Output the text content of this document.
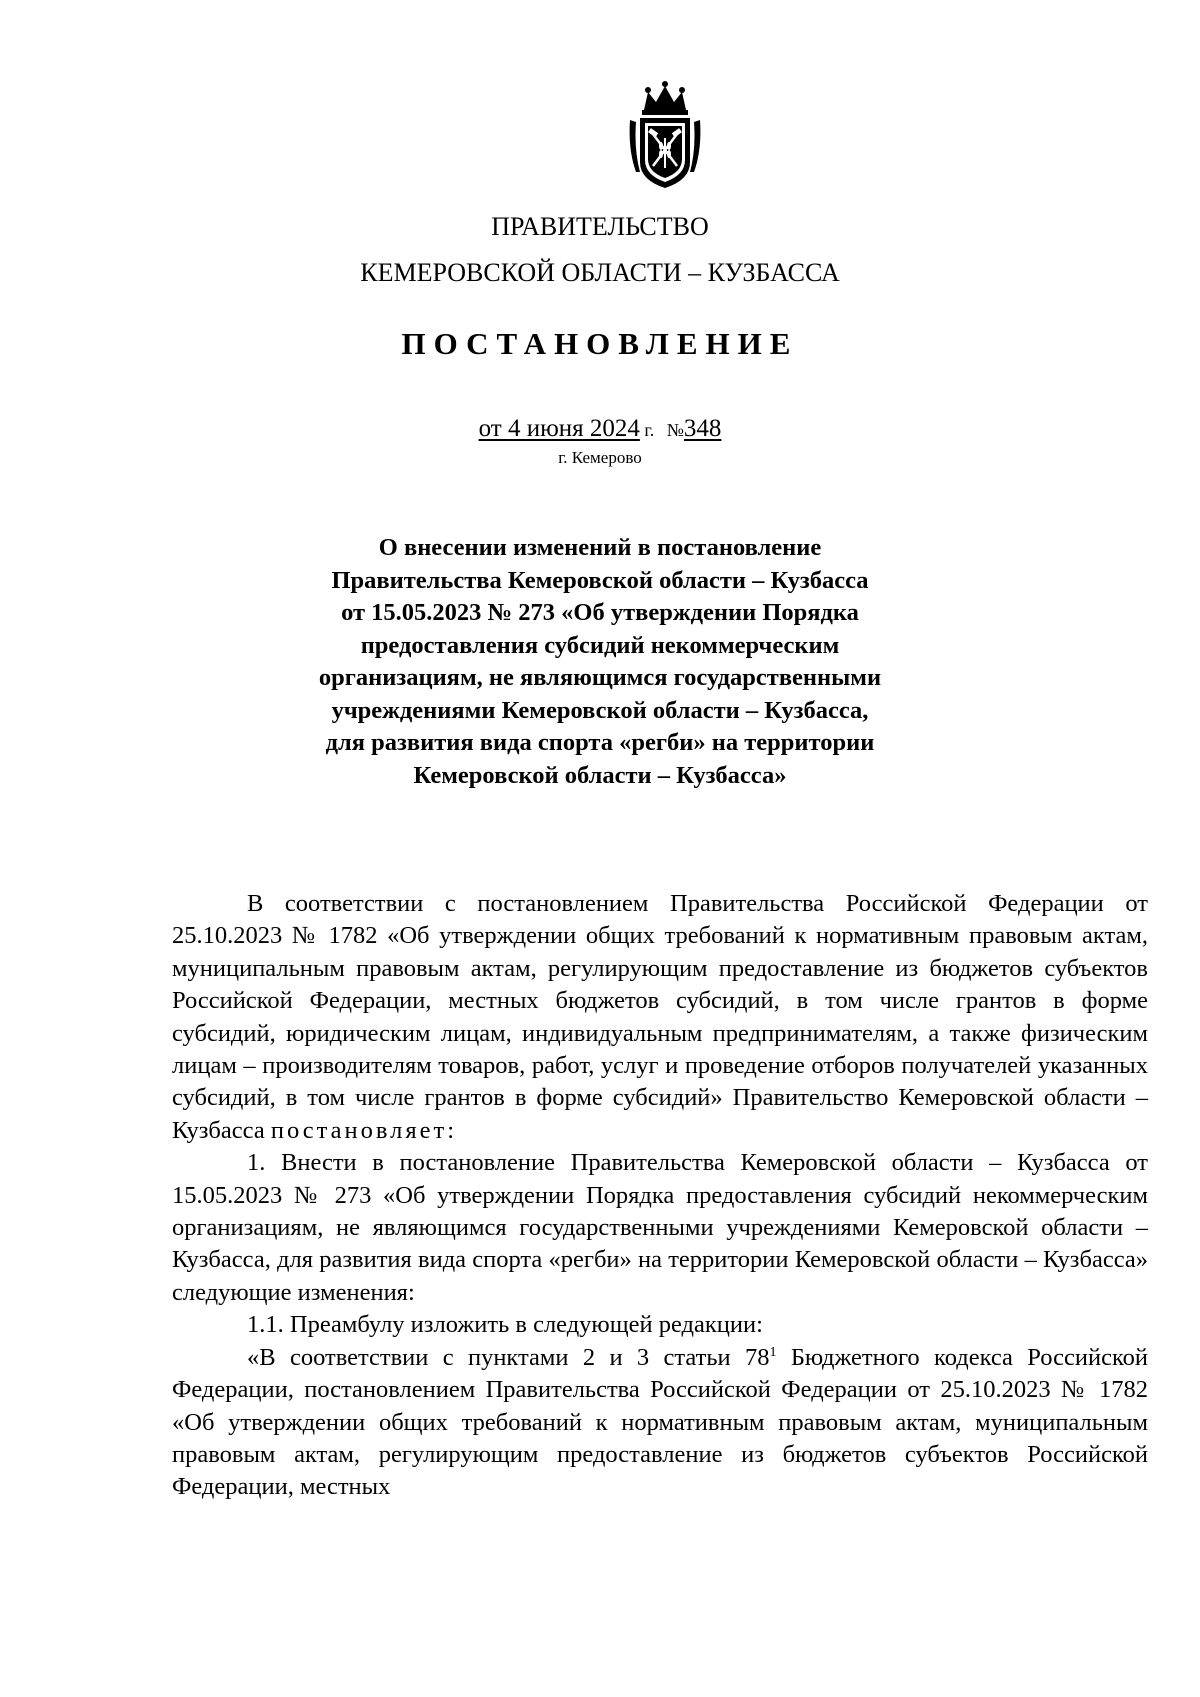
ПРАВИТЕЛЬСТВО
КЕМЕРОВСКОЙ ОБЛАСТИ – КУЗБАССА
ПОСТАНОВЛЕНИЕ
от 4 июня 2024 г. №348
г. Кемерово
О внесении изменений в постановление
Правительства Кемеровской области – Кузбасса
от 15.05.2023 № 273 «Об утверждении Порядка
предоставления субсидий некоммерческим
организациям, не являющимся государственными
учреждениями Кемеровской области – Кузбасса,
для развития вида спорта «регби» на территории
Кемеровской области – Кузбасса»

В соответствии с постановлением Правительства Российской Федерации от 25.10.2023 № 1782 «Об утверждении общих требований к нормативным правовым актам, муниципальным правовым актам, регулирующим предоставление из бюджетов субъектов Российской Федерации, местных бюджетов субсидий, в том числе грантов в форме субсидий, юридическим лицам, индивидуальным предпринимателям, а также физическим лицам – производителям товаров, работ, услуг и проведение отборов получателей указанных субсидий, в том числе грантов в форме субсидий» Правительство Кемеровской области – Кузбасса постановляет:

1. Внести в постановление Правительства Кемеровской области – Кузбасса от 15.05.2023 № 273 «Об утверждении Порядка предоставления субсидий некоммерческим организациям, не являющимся государственными учреждениями Кемеровской области – Кузбасса, для развития вида спорта «регби» на территории Кемеровской области – Кузбасса» следующие изменения:

1.1. Преамбулу изложить в следующей редакции:

«В соответствии с пунктами 2 и 3 статьи $78^1$ Бюджетного кодекса Российской Федерации, постановлением Правительства Российской Федерации от 25.10.2023 № 1782 «Об утверждении общих требований к нормативным правовым актам, муниципальным правовым актам, регулирующим предоставление из бюджетов субъектов Российской Федерации, местных
